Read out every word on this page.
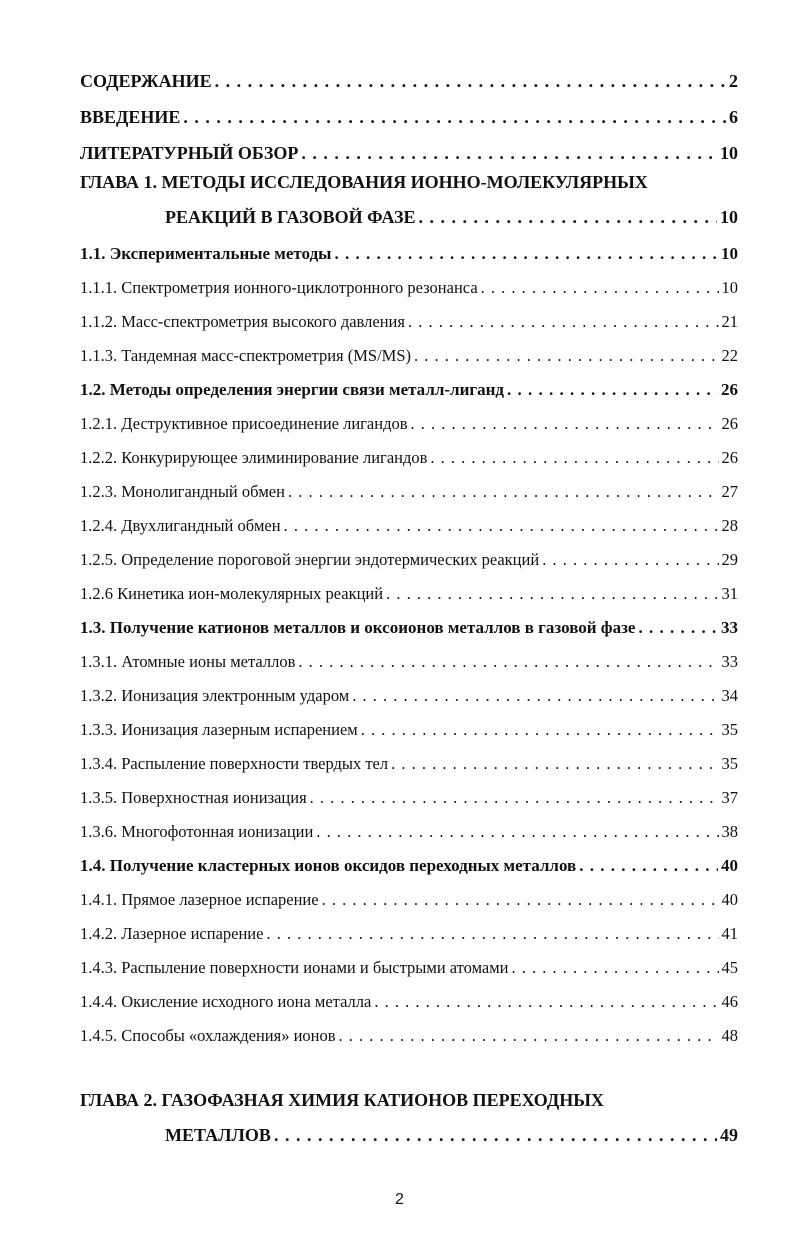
СОДЕРЖАНИЕ . . .	2
ВВЕДЕНИЕ . . .	6
ЛИТЕРАТУРНЫЙ ОБЗОР . . .	10
ГЛАВА 1. МЕТОДЫ ИССЛЕДОВАНИЯ ИОННО-МОЛЕКУЛЯРНЫХ
РЕАКЦИЙ В ГАЗОВОЙ ФАЗЕ . . .	10
1.1. Экспериментальные методы . . .	10
1.1.1. Спектрометрия ионного-циклотронного резонанса . . .	10
1.1.2. Масс-спектрометрия высокого давления . . .	21
1.1.3. Тандемная масс-спектрометрия (MS/MS) . . .	22
1.2. Методы определения энергии связи металл-лиганд . . .	26
1.2.1. Деструктивное присоединение лигандов . . .	26
1.2.2. Конкурирующее элиминирование лигандов . . .	26
1.2.3. Монолигандный обмен . . .	27
1.2.4. Двухлигандный обмен . . .	28
1.2.5. Определение пороговой энергии эндотермических реакций . . .	29
1.2.6 Кинетика ион-молекулярных реакций . . .	31
1.3. Получение катионов металлов и оксоионов металлов в газовой фазе . . .	33
1.3.1. Атомные ионы металлов . . .	33
1.3.2. Ионизация электронным ударом . . .	34
1.3.3. Ионизация лазерным испарением . . .	35
1.3.4. Распыление поверхности твердых тел . . .	35
1.3.5. Поверхностная ионизация . . .	37
1.3.6. Многофотонная ионизации . . .	38
1.4. Получение кластерных ионов оксидов переходных металлов . . .	40
1.4.1. Прямое лазерное испарение . . .	40
1.4.2. Лазерное испарение . . .	41
1.4.3. Распыление поверхности ионами и быстрыми атомами . . .	45
1.4.4. Окисление исходного иона металла . . .	46
1.4.5. Способы «охлаждения» ионов . . .	48
ГЛАВА 2. ГАЗОФАЗНАЯ ХИМИЯ КАТИОНОВ ПЕРЕХОДНЫХ
МЕТАЛЛОВ . . .	49
2
